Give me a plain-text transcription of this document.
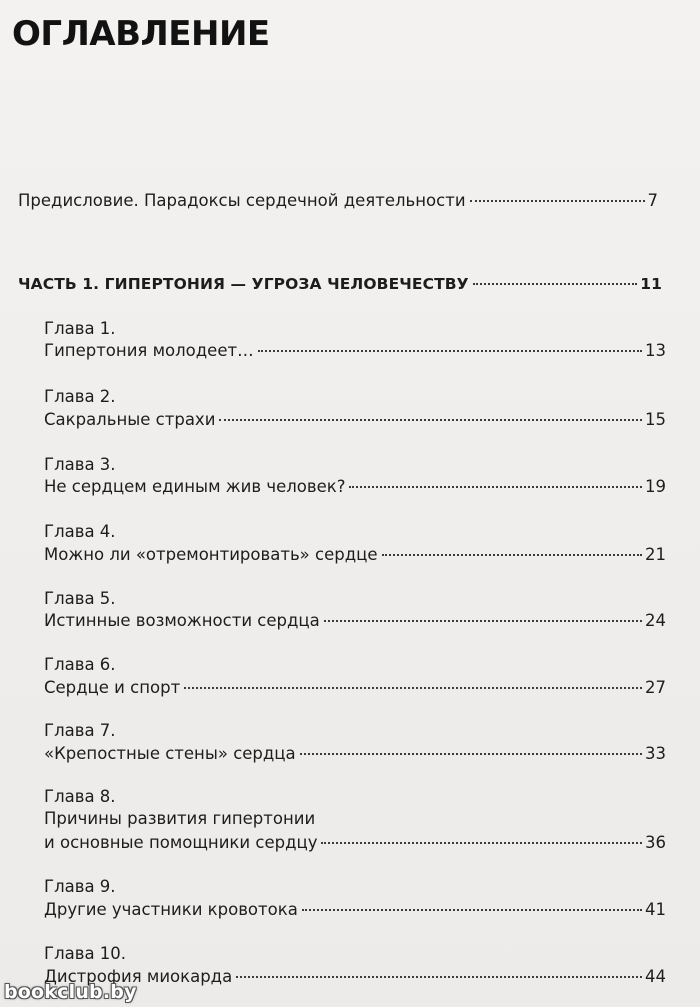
ОГЛАВЛЕНИЕ
Предисловие. Парадоксы сердечной деятельности	7
ЧАСТЬ 1. ГИПЕРТОНИЯ — УГРОЗА ЧЕЛОВЕЧЕСТВУ	11
Глава 1.
Гипертония молодеет…	13
Глава 2.
Сакральные страхи	15
Глава 3.
Не сердцем единым жив человек?	19
Глава 4.
Можно ли «отремонтировать» сердце	21
Глава 5.
Истинные возможности сердца	24
Глава 6.
Сердце и спорт	27
Глава 7.
«Крепостные стены» сердца	33
Глава 8.
Причины развития гипертонии
и основные помощники сердцу	36
Глава 9.
Другие участники кровотока	41
Глава 10.
Дистрофия миокарда	44
bookclub.by
